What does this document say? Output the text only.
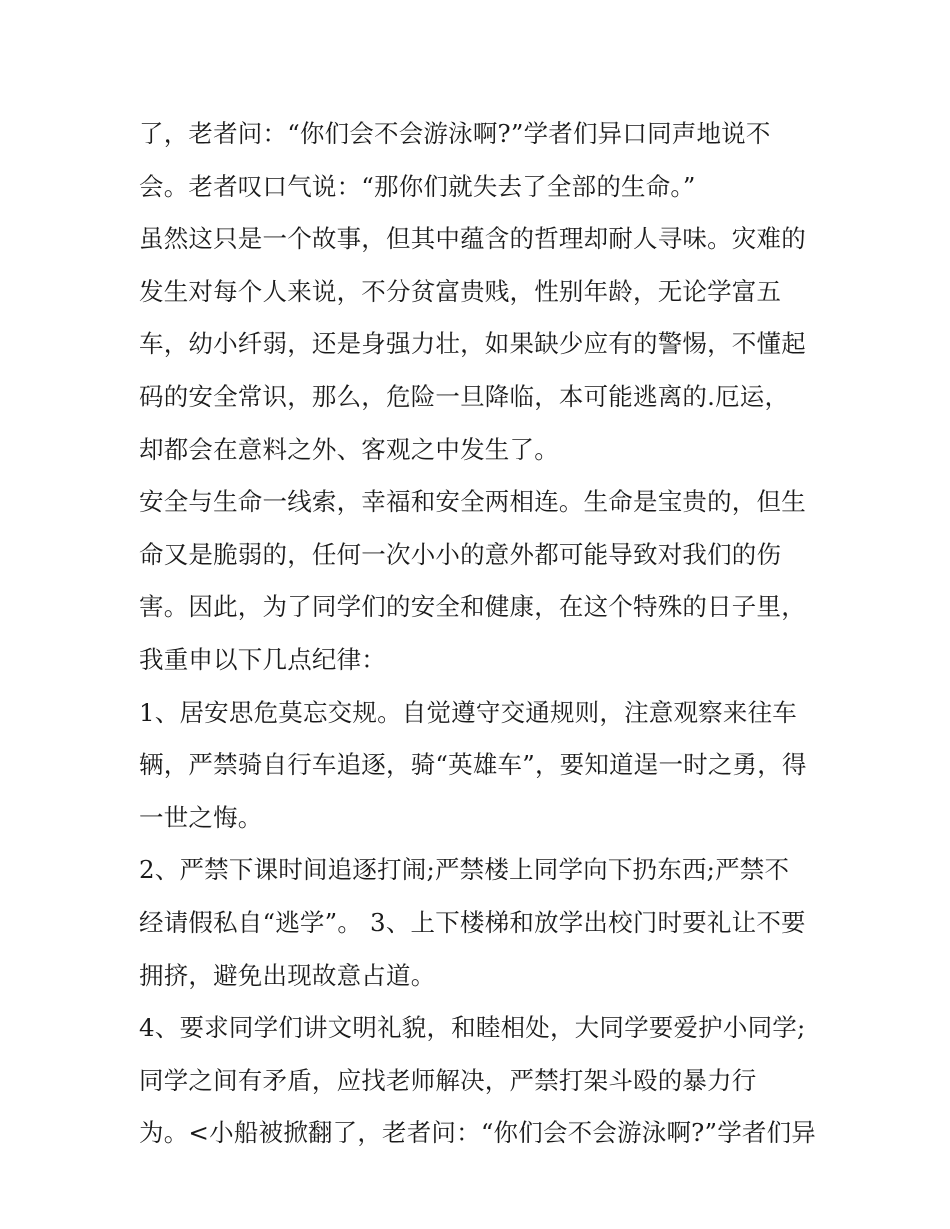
了，老者问：“你们会不会游泳啊?”学者们异口同声地说不
会。老者叹口气说：“那你们就失去了全部的生命。”
虽然这只是一个故事，但其中蕴含的哲理却耐人寻味。灾难的
发生对每个人来说，不分贫富贵贱，性别年龄，无论学富五
车，幼小纤弱，还是身强力壮，如果缺少应有的警惕，不懂起
码的安全常识，那么，危险一旦降临，本可能逃离的.厄运，
却都会在意料之外、客观之中发生了。
安全与生命一线索，幸福和安全两相连。生命是宝贵的，但生
命又是脆弱的，任何一次小小的意外都可能导致对我们的伤
害。因此，为了同学们的安全和健康，在这个特殊的日子里，
我重申以下几点纪律：
1、居安思危莫忘交规。自觉遵守交通规则，注意观察来往车
辆，严禁骑自行车追逐，骑“英雄车”，要知道逞一时之勇，得
一世之悔。
2、严禁下课时间追逐打闹;严禁楼上同学向下扔东西;严禁不
经请假私自“逃学”。 3、上下楼梯和放学出校门时要礼让不要
拥挤，避免出现故意占道。
4、要求同学们讲文明礼貌，和睦相处，大同学要爱护小同学;
同学之间有矛盾，应找老师解决，严禁打架斗殴的暴力行
为。<小船被掀翻了，老者问：“你们会不会游泳啊?”学者们异
